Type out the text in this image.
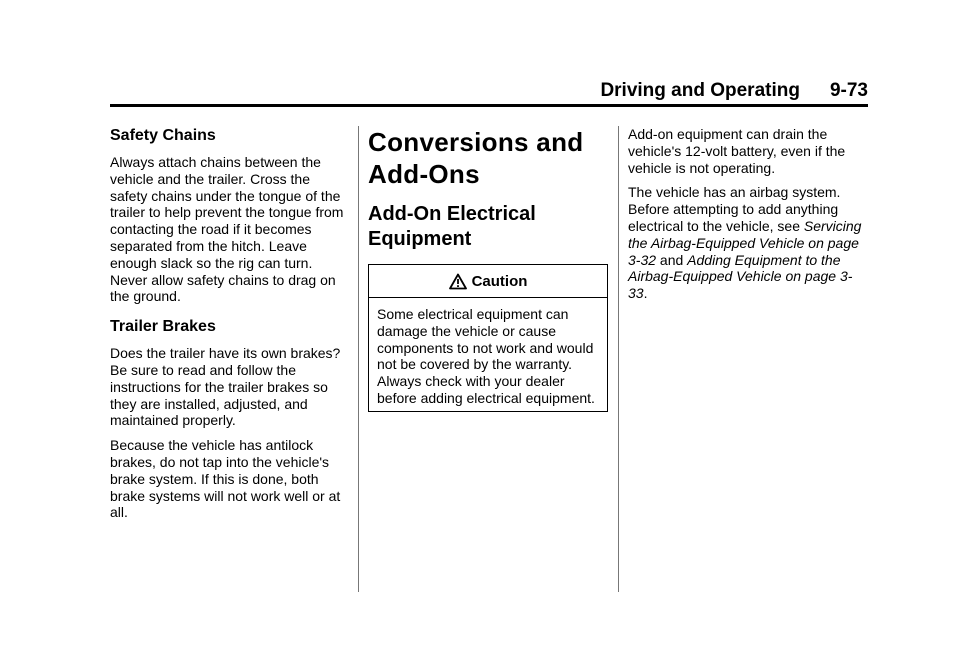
Driving and Operating 9-73
Safety Chains

Always attach chains between the vehicle and the trailer. Cross the safety chains under the tongue of the trailer to help prevent the tongue from contacting the road if it becomes separated from the hitch. Leave enough slack so the rig can turn. Never allow safety chains to drag on the ground.

Trailer Brakes

Does the trailer have its own brakes? Be sure to read and follow the instructions for the trailer brakes so they are installed, adjusted, and maintained properly.

Because the vehicle has antilock brakes, do not tap into the vehicle's brake system. If this is done, both brake systems will not work well or at all.

Conversions and Add-Ons
Add-On Electrical Equipment
Caution

Some electrical equipment can damage the vehicle or cause components to not work and would not be covered by the warranty. Always check with your dealer before adding electrical equipment.

Add-on equipment can drain the vehicle's 12-volt battery, even if the vehicle is not operating.

The vehicle has an airbag system. Before attempting to add anything electrical to the vehicle, see Servicing the Airbag-Equipped Vehicle on page 3-32 and Adding Equipment to the Airbag-Equipped Vehicle on page 3-33.
